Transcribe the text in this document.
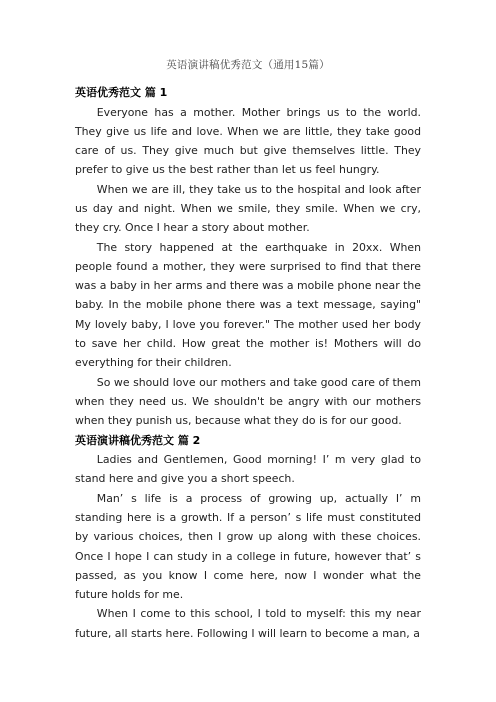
英语演讲稿优秀范文（通用15篇）

英语优秀范文 篇 1

Everyone has a mother. Mother brings us to the world. They give us life and love. When we are little, they take good care of us. They give much but give themselves little. They prefer to give us the best rather than let us feel hungry.

When we are ill, they take us to the hospital and look after us day and night. When we smile, they smile. When we cry, they cry. Once I hear a story about mother.

The story happened at the earthquake in 20xx. When people found a mother, they were surprised to find that there was a baby in her arms and there was a mobile phone near the baby. In the mobile phone there was a text message, saying" My lovely baby, I love you forever." The mother used her body to save her child. How great the mother is! Mothers will do everything for their children.

So we should love our mothers and take good care of them when they need us. We shouldn't be angry with our mothers when they punish us, because what they do is for our good.

英语演讲稿优秀范文 篇 2

Ladies and Gentlemen, Good morning! I’ m very glad to stand here and give you a short speech.

Man’ s life is a process of growing up, actually I’ m standing here is a growth. If a person’ s life must constituted by various choices, then I grow up along with these choices. Once I hope I can study in a college in future, however that’ s passed, as you know I come here, now I wonder what the future holds for me.

When I come to this school, I told to myself: this my near future, all starts here. Following I will learn to become a man, a
